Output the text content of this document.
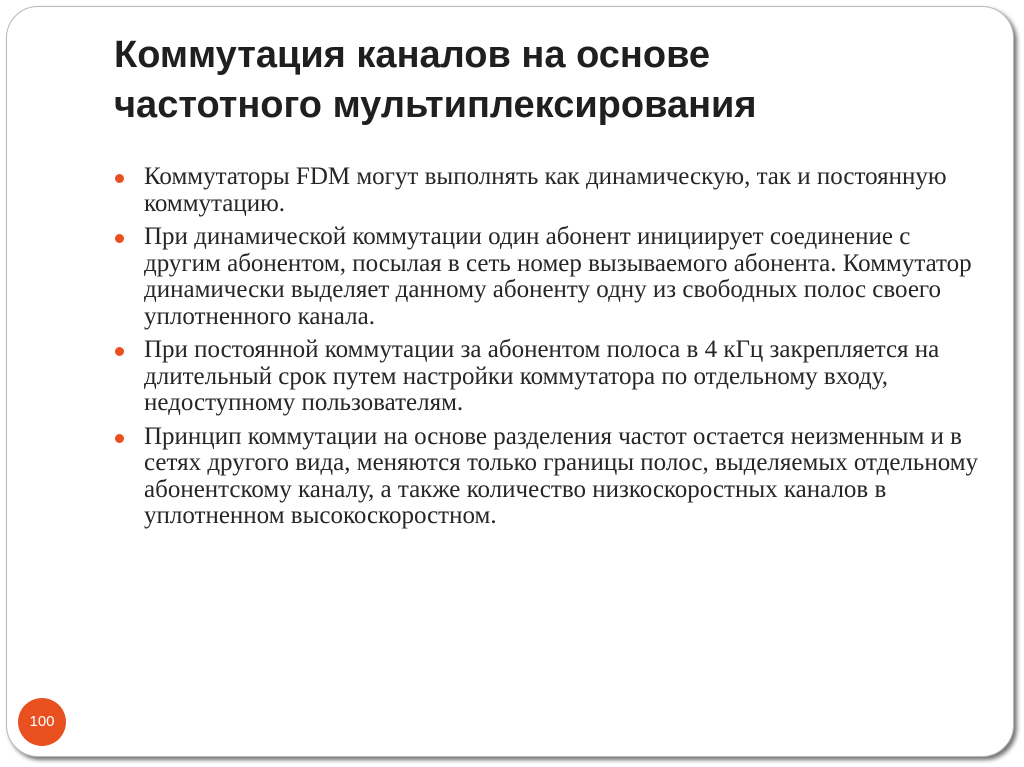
Коммутация каналов на основе
частотного мультиплексирования
Коммутаторы FDM могут выполнять как динамическую, так и постоянную коммутацию.
При динамической коммутации один абонент инициирует соединение с другим абонентом, посылая в сеть номер вызываемого абонента. Коммутатор динамически выделяет данному абоненту одну из свободных полос своего уплотненного канала.
При постоянной коммутации за абонентом полоса в 4 кГц закрепляется на длительный срок путем настройки коммутатора по отдельному входу, недоступному пользователям.
Принцип коммутации на основе разделения частот остается неизменным и в сетях другого вида, меняются только границы полос, выделяемых отдельному абонентскому каналу, а также количество низкоскоростных каналов в уплотненном высокоскоростном.
100
